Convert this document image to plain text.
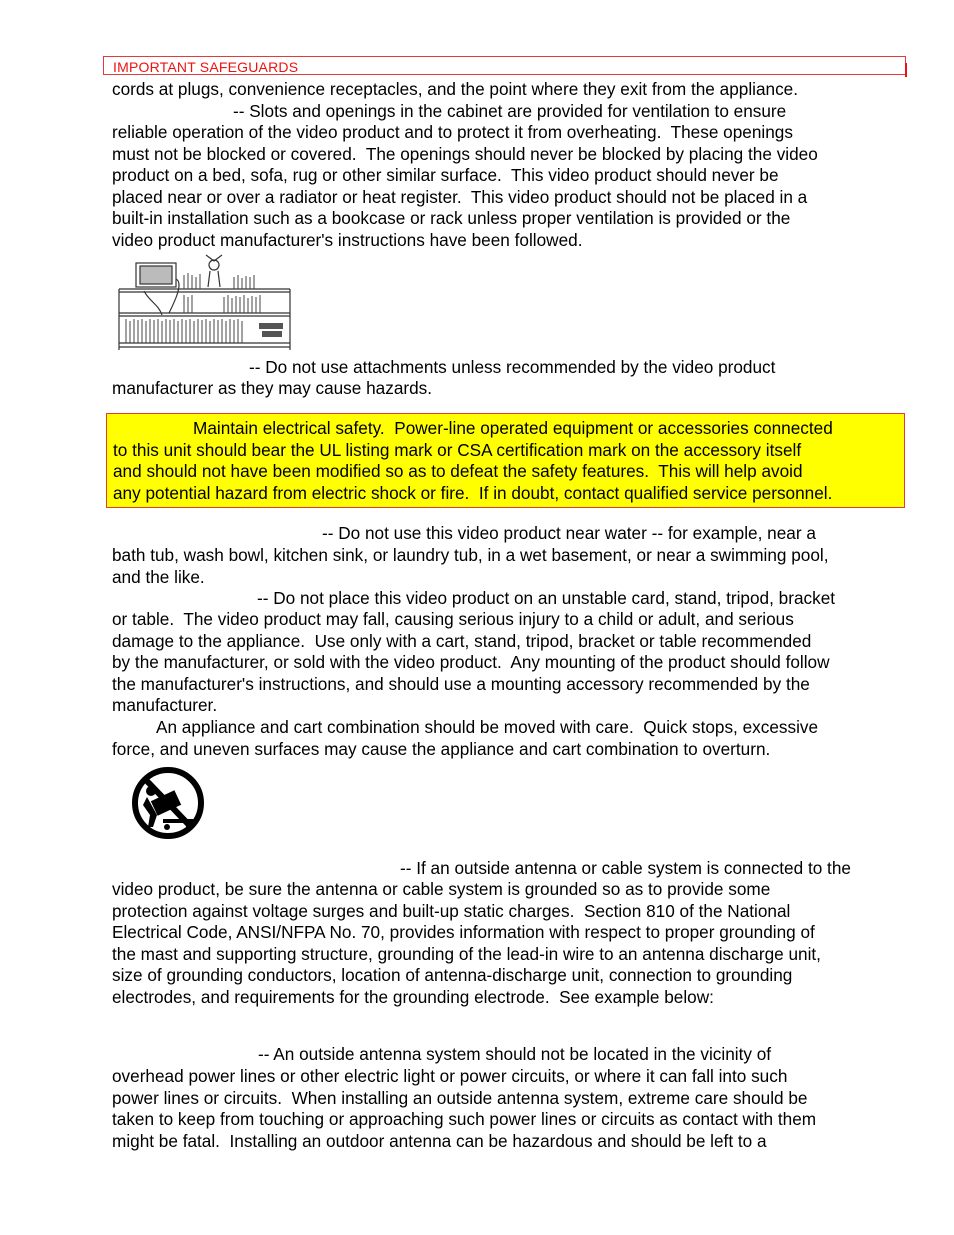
IMPORTANT SAFEGUARDS

cords at plugs, convenience receptacles, and the point where they exit from the appliance.

-- Slots and openings in the cabinet are provided for ventilation to ensure

reliable operation of the video product and to protect it from overheating.  These openings
must not be blocked or covered.  The openings should never be blocked by placing the video
product on a bed, sofa, rug or other similar surface.  This video product should never be
placed near or over a radiator or heat register.  This video product should not be placed in a
built-in installation such as a bookcase or rack unless proper ventilation is provided or the
video product manufacturer's instructions have been followed.

-- Do not use attachments unless recommended by the video product

manufacturer as they may cause hazards.

Maintain electrical safety.  Power-line operated equipment or accessories connected

to this unit should bear the UL listing mark or CSA certification mark on the accessory itself
and should not have been modified so as to defeat the safety features.  This will help avoid
any potential hazard from electric shock or fire.  If in doubt, contact qualified service personnel.

-- Do not use this video product near water -- for example, near a

bath tub, wash bowl, kitchen sink, or laundry tub, in a wet basement, or near a swimming pool,
and the like.

-- Do not place this video product on an unstable card, stand, tripod, bracket

or table.  The video product may fall, causing serious injury to a child or adult, and serious
damage to the appliance.  Use only with a cart, stand, tripod, bracket or table recommended
by the manufacturer, or sold with the video product.  Any mounting of the product should follow
the manufacturer's instructions, and should use a mounting accessory recommended by the
manufacturer.

An appliance and cart combination should be moved with care.  Quick stops, excessive
force, and uneven surfaces may cause the appliance and cart combination to overturn.

-- If an outside antenna or cable system is connected to the

video product, be sure the antenna or cable system is grounded so as to provide some
protection against voltage surges and built-up static charges.  Section 810 of the National
Electrical Code, ANSI/NFPA No. 70, provides information with respect to proper grounding of
the mast and supporting structure, grounding of the lead-in wire to an antenna discharge unit,
size of grounding conductors, location of antenna-discharge unit, connection to grounding
electrodes, and requirements for the grounding electrode.  See example below:

-- An outside antenna system should not be located in the vicinity of

overhead power lines or other electric light or power circuits, or where it can fall into such
power lines or circuits.  When installing an outside antenna system, extreme care should be
taken to keep from touching or approaching such power lines or circuits as contact with them
might be fatal.  Installing an outdoor antenna can be hazardous and should be left to a
